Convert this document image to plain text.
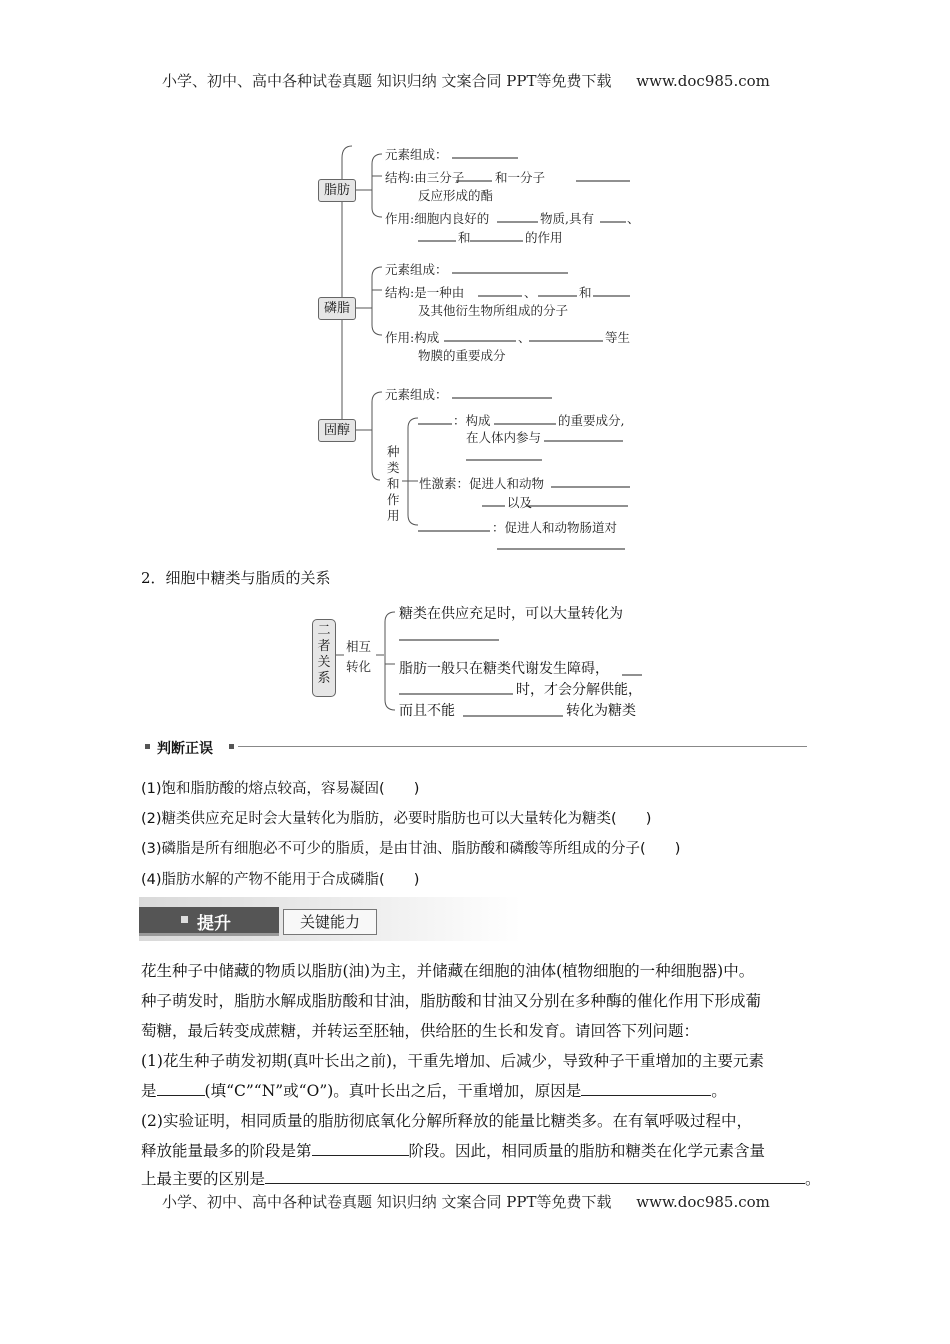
小学、初中、高中各种试卷真题 知识归纳 文案合同 PPT等免费下载 www.doc985.com
小学、初中、高中各种试卷真题 知识归纳 文案合同 PPT等免费下载 www.doc985.com
脂肪
磷脂
固醇
元素组成：
结构:由三分子 和一分子
反应形成的酯
作用:细胞内良好的	物质,具有	、
和	的作用
元素组成：
结构:是一种由	、	和
及其他衍生物所组成的分子
作用:构成	、	等生
物膜的重要成分
元素组成：
种
类
和
作
用
：构成	的重要成分,
在人体内参与
性激素：促进人和动物
以及
：促进人和动物肠道对
2．细胞中糖类与脂质的关系
二
者
关
系
相互
转化
糖类在供应充足时，可以大量转化为
脂肪一般只在糖类代谢发生障碍，
时，才会分解供能，
而且不能	转化为糖类
判断正误
(1)饱和脂肪酸的熔点较高，容易凝固(　　)
(2)糖类供应充足时会大量转化为脂肪，必要时脂肪也可以大量转化为糖类(　　)
(3)磷脂是所有细胞必不可少的脂质，是由甘油、脂肪酸和磷酸等所组成的分子(　　)
(4)脂肪水解的产物不能用于合成磷脂(　　)
提升	关键能力
花生种子中储藏的物质以脂肪(油)为主，并储藏在细胞的油体(植物细胞的一种细胞器)中。
种子萌发时，脂肪水解成脂肪酸和甘油，脂肪酸和甘油又分别在多种酶的催化作用下形成葡
萄糖，最后转变成蔗糖，并转运至胚轴，供给胚的生长和发育。请回答下列问题：
(1)花生种子萌发初期(真叶长出之前)，干重先增加、后减少，导致种子干重增加的主要元素
是	(填“C”“N”或“O”)。真叶长出之后，干重增加，原因是	。
(2)实验证明，相同质量的脂肪彻底氧化分解所释放的能量比糖类多。在有氧呼吸过程中，
释放能量最多的阶段是第	阶段。因此，相同质量的脂肪和糖类在化学元素含量
上最主要的区别是	。
